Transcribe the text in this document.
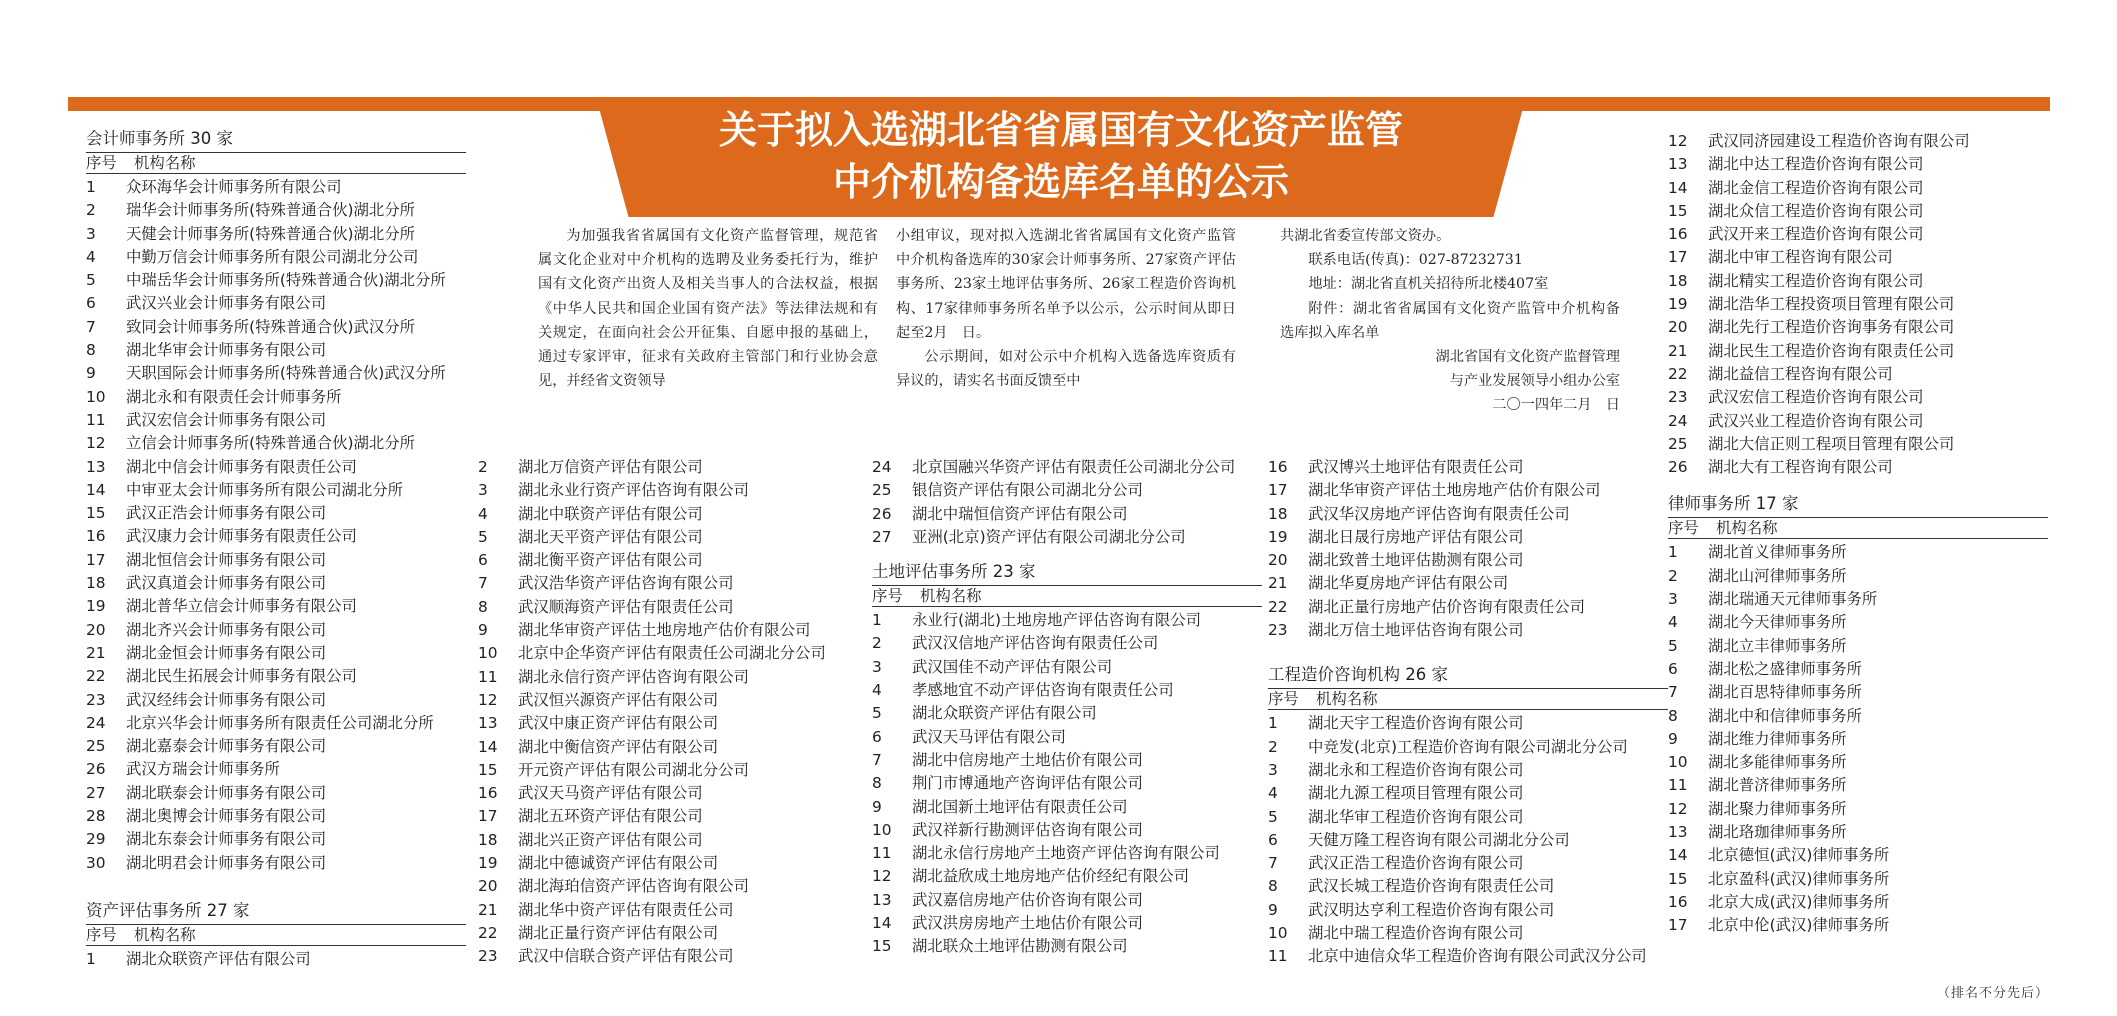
关于拟入选湖北省省属国有文化资产监管
中介机构备选库名单的公示
会计师事务所 30 家
序号	机构名称
1	众环海华会计师事务所有限公司
2	瑞华会计师事务所(特殊普通合伙)湖北分所
3	天健会计师事务所(特殊普通合伙)湖北分所
4	中勤万信会计师事务所有限公司湖北分公司
5	中瑞岳华会计师事务所(特殊普通合伙)湖北分所
6	武汉兴业会计师事务有限公司
7	致同会计师事务所(特殊普通合伙)武汉分所
8	湖北华审会计师事务有限公司
9	天职国际会计师事务所(特殊普通合伙)武汉分所
10	湖北永和有限责任会计师事务所
11	武汉宏信会计师事务有限公司
12	立信会计师事务所(特殊普通合伙)湖北分所
13	湖北中信会计师事务有限责任公司
14	中审亚太会计师事务所有限公司湖北分所
15	武汉正浩会计师事务有限公司
16	武汉康力会计师事务有限责任公司
17	湖北恒信会计师事务有限公司
18	武汉真道会计师事务有限公司
19	湖北普华立信会计师事务有限公司
20	湖北齐兴会计师事务有限公司
21	湖北金恒会计师事务有限公司
22	湖北民生拓展会计师事务有限公司
23	武汉经纬会计师事务有限公司
24	北京兴华会计师事务所有限责任公司湖北分所
25	湖北嘉泰会计师事务有限公司
26	武汉方瑞会计师事务所
27	湖北联泰会计师事务有限公司
28	湖北奥博会计师事务有限公司
29	湖北东泰会计师事务有限公司
30	湖北明君会计师事务有限公司
资产评估事务所 27 家
序号	机构名称
1	湖北众联资产评估有限公司

为加强我省省属国有文化资产监督管理，规范省属文化企业对中介机构的选聘及业务委托行为，维护国有文化资产出资人及相关当事人的合法权益，根据《中华人民共和国企业国有资产法》等法律法规和有关规定，在面向社会公开征集、自愿申报的基础上，通过专家评审，征求有关政府主管部门和行业协会意见，并经省文资领导

小组审议，现对拟入选湖北省省属国有文化资产监管中介机构备选库的30家会计师事务所、27家资产评估事务所、23家土地评估事务所、26家工程造价咨询机构、17家律师事务所名单予以公示，公示时间从即日起至2月　日。

公示期间，如对公示中介机构入选备选库资质有异议的，请实名书面反馈至中

共湖北省委宣传部文资办。

联系电话(传真)：027-87232731

地址：湖北省直机关招待所北楼407室

附件：湖北省省属国有文化资产监管中介机构备选库拟入库名单

湖北省国有文化资产监督管理
与产业发展领导小组办公室
二〇一四年二月　日
2	湖北万信资产评估有限公司
3	湖北永业行资产评估咨询有限公司
4	湖北中联资产评估有限公司
5	湖北天平资产评估有限公司
6	湖北衡平资产评估有限公司
7	武汉浩华资产评估咨询有限公司
8	武汉顺海资产评估有限责任公司
9	湖北华审资产评估土地房地产估价有限公司
10	北京中企华资产评估有限责任公司湖北分公司
11	湖北永信行资产评估咨询有限公司
12	武汉恒兴源资产评估有限公司
13	武汉中康正资产评估有限公司
14	湖北中衡信资产评估有限公司
15	开元资产评估有限公司湖北分公司
16	武汉天马资产评估有限公司
17	湖北五环资产评估有限公司
18	湖北兴正资产评估有限公司
19	湖北中德诚资产评估有限公司
20	湖北海珀信资产评估咨询有限公司
21	湖北华中资产评估有限责任公司
22	湖北正量行资产评估有限公司
23	武汉中信联合资产评估有限公司
24	北京国融兴华资产评估有限责任公司湖北分公司
25	银信资产评估有限公司湖北分公司
26	湖北中瑞恒信资产评估有限公司
27	亚洲(北京)资产评估有限公司湖北分公司
土地评估事务所 23 家
序号	机构名称
1	永业行(湖北)土地房地产评估咨询有限公司
2	武汉汉信地产评估咨询有限责任公司
3	武汉国佳不动产评估有限公司
4	孝感地宜不动产评估咨询有限责任公司
5	湖北众联资产评估有限公司
6	武汉天马评估有限公司
7	湖北中信房地产土地估价有限公司
8	荆门市博通地产咨询评估有限公司
9	湖北国新土地评估有限责任公司
10	武汉祥新行勘测评估咨询有限公司
11	湖北永信行房地产土地资产评估咨询有限公司
12	湖北益欣成土地房地产估价经纪有限公司
13	武汉嘉信房地产估价咨询有限公司
14	武汉洪房房地产土地估价有限公司
15	湖北联众土地评估勘测有限公司
16	武汉博兴土地评估有限责任公司
17	湖北华审资产评估土地房地产估价有限公司
18	武汉华汉房地产评估咨询有限责任公司
19	湖北日晟行房地产评估有限公司
20	湖北致普土地评估勘测有限公司
21	湖北华夏房地产评估有限公司
22	湖北正量行房地产估价咨询有限责任公司
23	湖北万信土地评估咨询有限公司
工程造价咨询机构 26 家
序号	机构名称
1	湖北天宇工程造价咨询有限公司
2	中竞发(北京)工程造价咨询有限公司湖北分公司
3	湖北永和工程造价咨询有限公司
4	湖北九源工程项目管理有限公司
5	湖北华审工程造价咨询有限公司
6	天健万隆工程咨询有限公司湖北分公司
7	武汉正浩工程造价咨询有限公司
8	武汉长城工程造价咨询有限责任公司
9	武汉明达亨利工程造价咨询有限公司
10	湖北中瑞工程造价咨询有限公司
11	北京中迪信众华工程造价咨询有限公司武汉分公司
12	武汉同济园建设工程造价咨询有限公司
13	湖北中达工程造价咨询有限公司
14	湖北金信工程造价咨询有限公司
15	湖北众信工程造价咨询有限公司
16	武汉开来工程造价咨询有限公司
17	湖北中审工程咨询有限公司
18	湖北精实工程造价咨询有限公司
19	湖北浩华工程投资项目管理有限公司
20	湖北先行工程造价咨询事务有限公司
21	湖北民生工程造价咨询有限责任公司
22	湖北益信工程咨询有限公司
23	武汉宏信工程造价咨询有限公司
24	武汉兴业工程造价咨询有限公司
25	湖北大信正则工程项目管理有限公司
26	湖北大有工程咨询有限公司
律师事务所 17 家
序号	机构名称
1	湖北首义律师事务所
2	湖北山河律师事务所
3	湖北瑞通天元律师事务所
4	湖北今天律师事务所
5	湖北立丰律师事务所
6	湖北松之盛律师事务所
7	湖北百思特律师事务所
8	湖北中和信律师事务所
9	湖北维力律师事务所
10	湖北多能律师事务所
11	湖北普济律师事务所
12	湖北聚力律师事务所
13	湖北珞珈律师事务所
14	北京德恒(武汉)律师事务所
15	北京盈科(武汉)律师事务所
16	北京大成(武汉)律师事务所
17	北京中伦(武汉)律师事务所
（排名不分先后）
